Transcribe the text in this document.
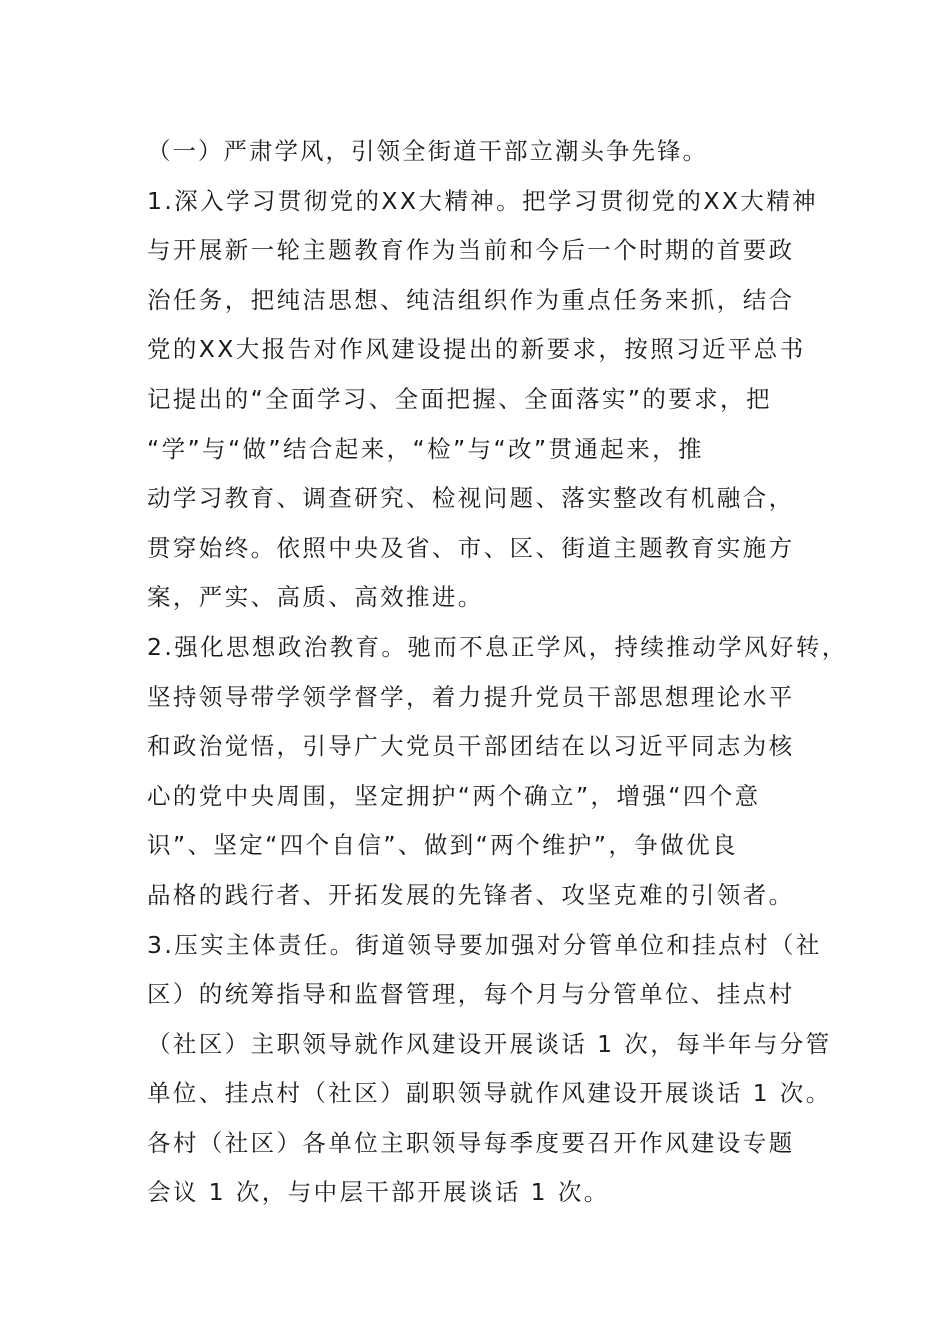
（一）严肃学风，引领全街道干部立潮头争先锋。
1.深入学习贯彻党的XX大精神。把学习贯彻党的XX大精神
与开展新一轮主题教育作为当前和今后一个时期的首要政
治任务，把纯洁思想、纯洁组织作为重点任务来抓，结合
党的XX大报告对作风建设提出的新要求，按照习近平总书
记提出的“全面学习、全面把握、全面落实”的要求，把
“学”与“做”结合起来，“检”与“改”贯通起来，推
动学习教育、调查研究、检视问题、落实整改有机融合，
贯穿始终。依照中央及省、市、区、街道主题教育实施方
案，严实、高质、高效推进。
2.强化思想政治教育。驰而不息正学风，持续推动学风好转，
坚持领导带学领学督学，着力提升党员干部思想理论水平
和政治觉悟，引导广大党员干部团结在以习近平同志为核
心的党中央周围，坚定拥护“两个确立”，增强“四个意
识”、坚定“四个自信”、做到“两个维护”，争做优良
品格的践行者、开拓发展的先锋者、攻坚克难的引领者。
3.压实主体责任。街道领导要加强对分管单位和挂点村（社
区）的统筹指导和监督管理，每个月与分管单位、挂点村
（社区）主职领导就作风建设开展谈话 1 次，每半年与分管
单位、挂点村（社区）副职领导就作风建设开展谈话 1 次。
各村（社区）各单位主职领导每季度要召开作风建设专题
会议 1 次，与中层干部开展谈话 1 次。
